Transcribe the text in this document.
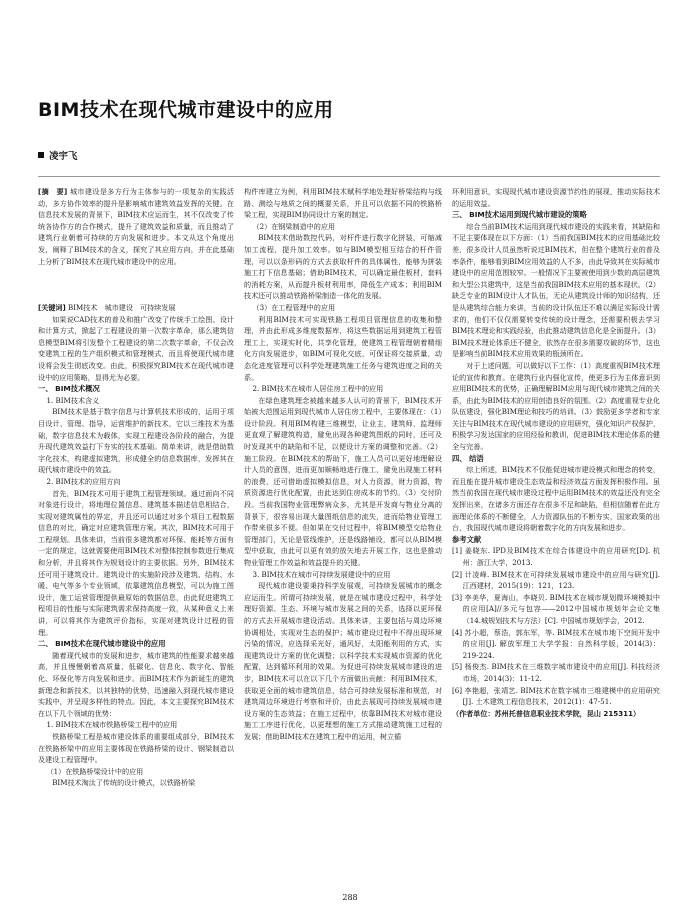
BIM技术在现代城市建设中的应用
凌宇飞

[摘　要] 城市建设是多方行为主体参与的一项复杂的实践活动，多方协作效率的提升是影响城市建筑效益发挥的关键。在信息技术发展的背景下，BIM技术应运而生，其不仅改变了传统各协作方的合作模式，提升了建筑效益和质量，而且推动了建筑行业朝着可持续的方向发展和进步。本文从这个角度出发，阐释了BIM技术的含义，探究了其应用方向，并在此基础上分析了BIM技术在现代城市建设中的应用。

[关键词] BIM技术　城市建设　可持续发展

如果说CAD技术的普及和推广改变了传统手工绘图、设计和计算方式，掀起了工程建设的第一次数字革命，那么建筑信息模型BIM将引发整个工程建设的第二次数字革命，不仅会改变建筑工程的生产组织模式和管理模式，而且将使现代城市建设将会发生彻底改变。由此，积极探究BIM技术在现代城市建设中的应用策略，显得尤为必要。

一、 BIM技术概况

1. BIM技术含义

BIM技术是基于数字信息与计算机技术形成的，运用于项目设计、管理、指导，运营维护的新技术，它以三维技术为基础，数字信息技术为载体，实现工程建设各阶段的融合，为提升现代建筑效益打下夯实的技术基础。简单来讲，就是借助数字化技术，构建虚拟建筑，形成健全的信息数据库，发挥其在现代城市建设中的效益。

2. BIM技术的应用方向

首先，BIM技术可用于建筑工程管理领域。通过面向不同对象进行设计，将地理位置信息、建筑基本描述信息相结合，实现对建筑属性的界定，并且还可以通过对多个项目工程数据信息的对比，确定对应建筑管理方案。其次，BIM技术可用于工程规划。具体来讲，当前很多建筑都对环保、能耗等方面有一定的规定，这就需要使用BIM技术对整体控制参数进行集成和分析，并且将其作为规划设计的主要依据。另外，BIM技术还可用于建筑设计。建筑设计的实施阶段涉及建筑、结构、水暖、电气等多个专业领域，依靠建筑信息模型，可以为施工图设计，施工运营管理提供最原始的数据信息，由此促进建筑工程项目的性能与实际建筑需求保持高度一致，从某种意义上来讲，可以将其作为建筑评价指标，实现对建筑设计过程的管理。

二、 BIM技术在现代城市建设中的应用

随着现代城市的发展和进步，城市建筑的性能要求越来越高，并且慢慢朝着高质量、低碳化、信息化、数字化、智能化、环保化等方向发展和进步。而BIM技术作为新诞生的建筑新理念和新技术，以其独特的优势，迅速融入到现代城市建设实践中，并呈现多样性的特点。因此，本文主要探究BIM技术在以下几个领域的优势：

1. BIM技术在城市铁路桥梁工程中的应用

铁路桥梁工程是城市建设体系的重要组成部分，BIM技术在铁路桥梁中的应用主要体现在铁路桥梁的设计、钢梁制造以及建设工程管理中。

（1）在铁路桥梁设计中的应用

BIM技术淘汰了传统的设计模式，以铁路桥梁

构件库建立为例，利用BIM技术赋科学地处理好桥梁结构与线路、测绘与地质之间的概要关系，并且可以依据不同的铁路桥梁工程，实现BIM协同设计方案的制定。

（2）在钢梁制造中的应用

BIM技术借助数控代码，对杆件进行数字化拼装，可缩减加工流程，提升加工效率。如与BIM模型相互结合的杆件管理，可以以条形码的方式去获取杆件的具体属性，能够为拼装施工打下信息基础；借助BIM技术，可以确定最佳板材，套料的消耗方案，从而提升板材利用率，降低生产成本；利用BIM技术还可以推动铁路桥梁制造一体化的发展。

（3）在工程管理中的应用

利用BIM技术可实现铁路工程项目管理信息的收集和整理，并由此形成多维度数据库，将这些数据运用到建筑工程管理工上，实现实时化，共享化管理，使建筑工程管理朝着精细化方向发展进步，如BIM可视化交底，可保证将交接质量，动态化进度管理可以科学处理建筑施工任务与建筑进度之间的关系。

2. BIM技术在城市人居住房工程中的应用

在绿色建筑理念被越来越多人认可的背景下，BIM技术开始被大范围运用到现代城市人居住房工程中，主要体现在：（1）设计阶段。利用BIM构建三维模型，让业主，建筑师，监理师更直观了解建筑构造，避免出现各种建筑图纸的同时，还可及时发现其中的缺陷和不足，以便设计方案的调整和完善。（2）施工阶段。在BIM技术的帮助下，施工人员可以更好地理解设计人员的意图，进而更加顺畅地进行施工，避免出现施工材料的浪费，还可借助虚拟模拟信息，对人力资源，财力资源，物质资源进行优化配置，由此达到住房成本的节约。（3）交付阶段。当前我国物业管理弊病众多，尤其是开发商与物业分离的背景下，很容易出现大量图纸信息的流失，进而给物业管理工作带来很多不便。但如果在交付过程中，将BIM模型交给物业管理部门，无论是管线维护，还是线路铺设，都可以从BIM模型中获取，由此可以更有效的放矢地去开展工作，这也是推动物业管理工作效益和效益提升的关键。

3. BIM技术在城市可持续发展建设中的应用

现代城市建设要秉持科学发展观，可持续发展城市的概念应运而生。所谓可持续发展，就是在城市建设过程中，科学处理好资源、生态、环境与城市发展之间的关系，选择以更环保的方式去开展城市建设活动。具体来讲，主要包括与周边环境协调相处，实现对生态的保护；城市建设过程中不得出现环境污染的情况，应选择采光好，通风好，太阳能利用的方式，实现建筑设计方案的优化调整；以科学技术实现城市资源的优化配置，达到循环利用的效果。为促进可持续发展城市建设的进步，BIM技术可以在以下几个方面做出贡献：利用BIM技术，获取更全面的城市建筑信息，结合可持续发展标准和规范，对建筑周边环境进行考察和评价，由此去展现可持续发展城市建设方案的生态效益；在施工过程中，依靠BIM技术对城市建设施工工序进行优化，以更理想的施工方式推动建筑施工过程的发展；借助BIM技术在建筑工程中的运用，树立循

环利用意识，实现现代城市建设资源节约性的展现，推动实际技术的运用效益。

三、 BIM技术运用到现代城市建设的策略

综合当前BIM技术运用到现代城市建设的实践来看，其缺陷和不足主要体现在以下方面：（1）当前我国BIM技术的应用基础比较差，很多设计人员虽然听说过BIM技术，但在整个建筑行业的普及率条件，能够看到BIM应用效益的人不多，由此导致其在实际城市建设中的应用范围较窄。一般情况下主要被使用到少数的高层建筑和大型公共建筑中，这是当前我国BIM技术应用的基本现状。（2）缺乏专业的BIM设计人才队伍，无论从建筑设计师的知识结构，还是从建筑综合能力来讲，当前的设计队伍还不难以满足实际设计需求的，他们不仅仅需要转变传统的设计理念，还需要积极去学习BIM技术理论和实践经验，由此推动建筑信息化是全面提升。（3）BIM技术理论体系还不健全，依然存在很多需要攻破的环节，这也是影响当前BIM技术应用效果的瓶颈所在。

对于上述问题，可以做好以下工作：（1）高度重视BIM技术理论的宣传和教育。在建筑行业内强化宣传，使更多行为主体意识到应用BIM技术的优势，正确理解BIM应用与现代城市建筑之间的关系，由此为BIM技术的应用创造良好的氛围。（2）高度重视专业化队伍建设，强化BIM理论和技巧的培训。（3）鼓励更多学者和专家关注与BIM技术在现代城市建设的应用研究，强化知识产权保护，积极学习发达国家的应用经验和教训，促进BIM技术理论体系的健全与完善。

四、 结语

综上所述，BIM技术不仅能促进城市建设模式和理念的转变，而且能在提升城市建设生态效益和经济效益方面发挥积极作用。虽然当前我国在现代城市建设过程中运用BIM技术的效益还没有完全发挥出来，在诸多方面还存在很多不足和缺陷，但相信随着在此方面理论体系的不断健全，人力资源队伍的不断夯实，国家政策的出台，我国现代城市建设将朝着数字化的方向发展和进步。

参考文献

[1] 姜晓东. IPD及BIM技术在综合体建设中的应用研究[D]. 杭州：浙江大学，2013.

[2] 计凌峰. BIM技术在可持续发展城市建设中的应用与研究[J]. 江西建材，2015(19)：121，123.

[3] 李美华，夏海山，李晓贝. BIM技术在城市规划微环境模拟中的应用[A]//多元与包容——2012中国城市规划年会论文集（14.城规划技术与方法）[C]. 中国城市规划学会，2012.

[4] 苏小超，蔡浩，郭东军，等. BIM技术在城市地下空间开发中的应用[J]. 解放军理工大学学报：自然科学版，2014(3)：219-224.

[5] 杨俊杰. BIM技术在三维数字城市建设中的应用[J]. 科技经济市场，2014(3)：11-12.

[6] 李艳超，张靖艺. BIM技术在数字城市三维建模中的应用研究[J]. 土木建筑工程信息技术，2012(1)：47-51.

（作者单位：苏州托普信息职业技术学院，昆山 215311）

288
